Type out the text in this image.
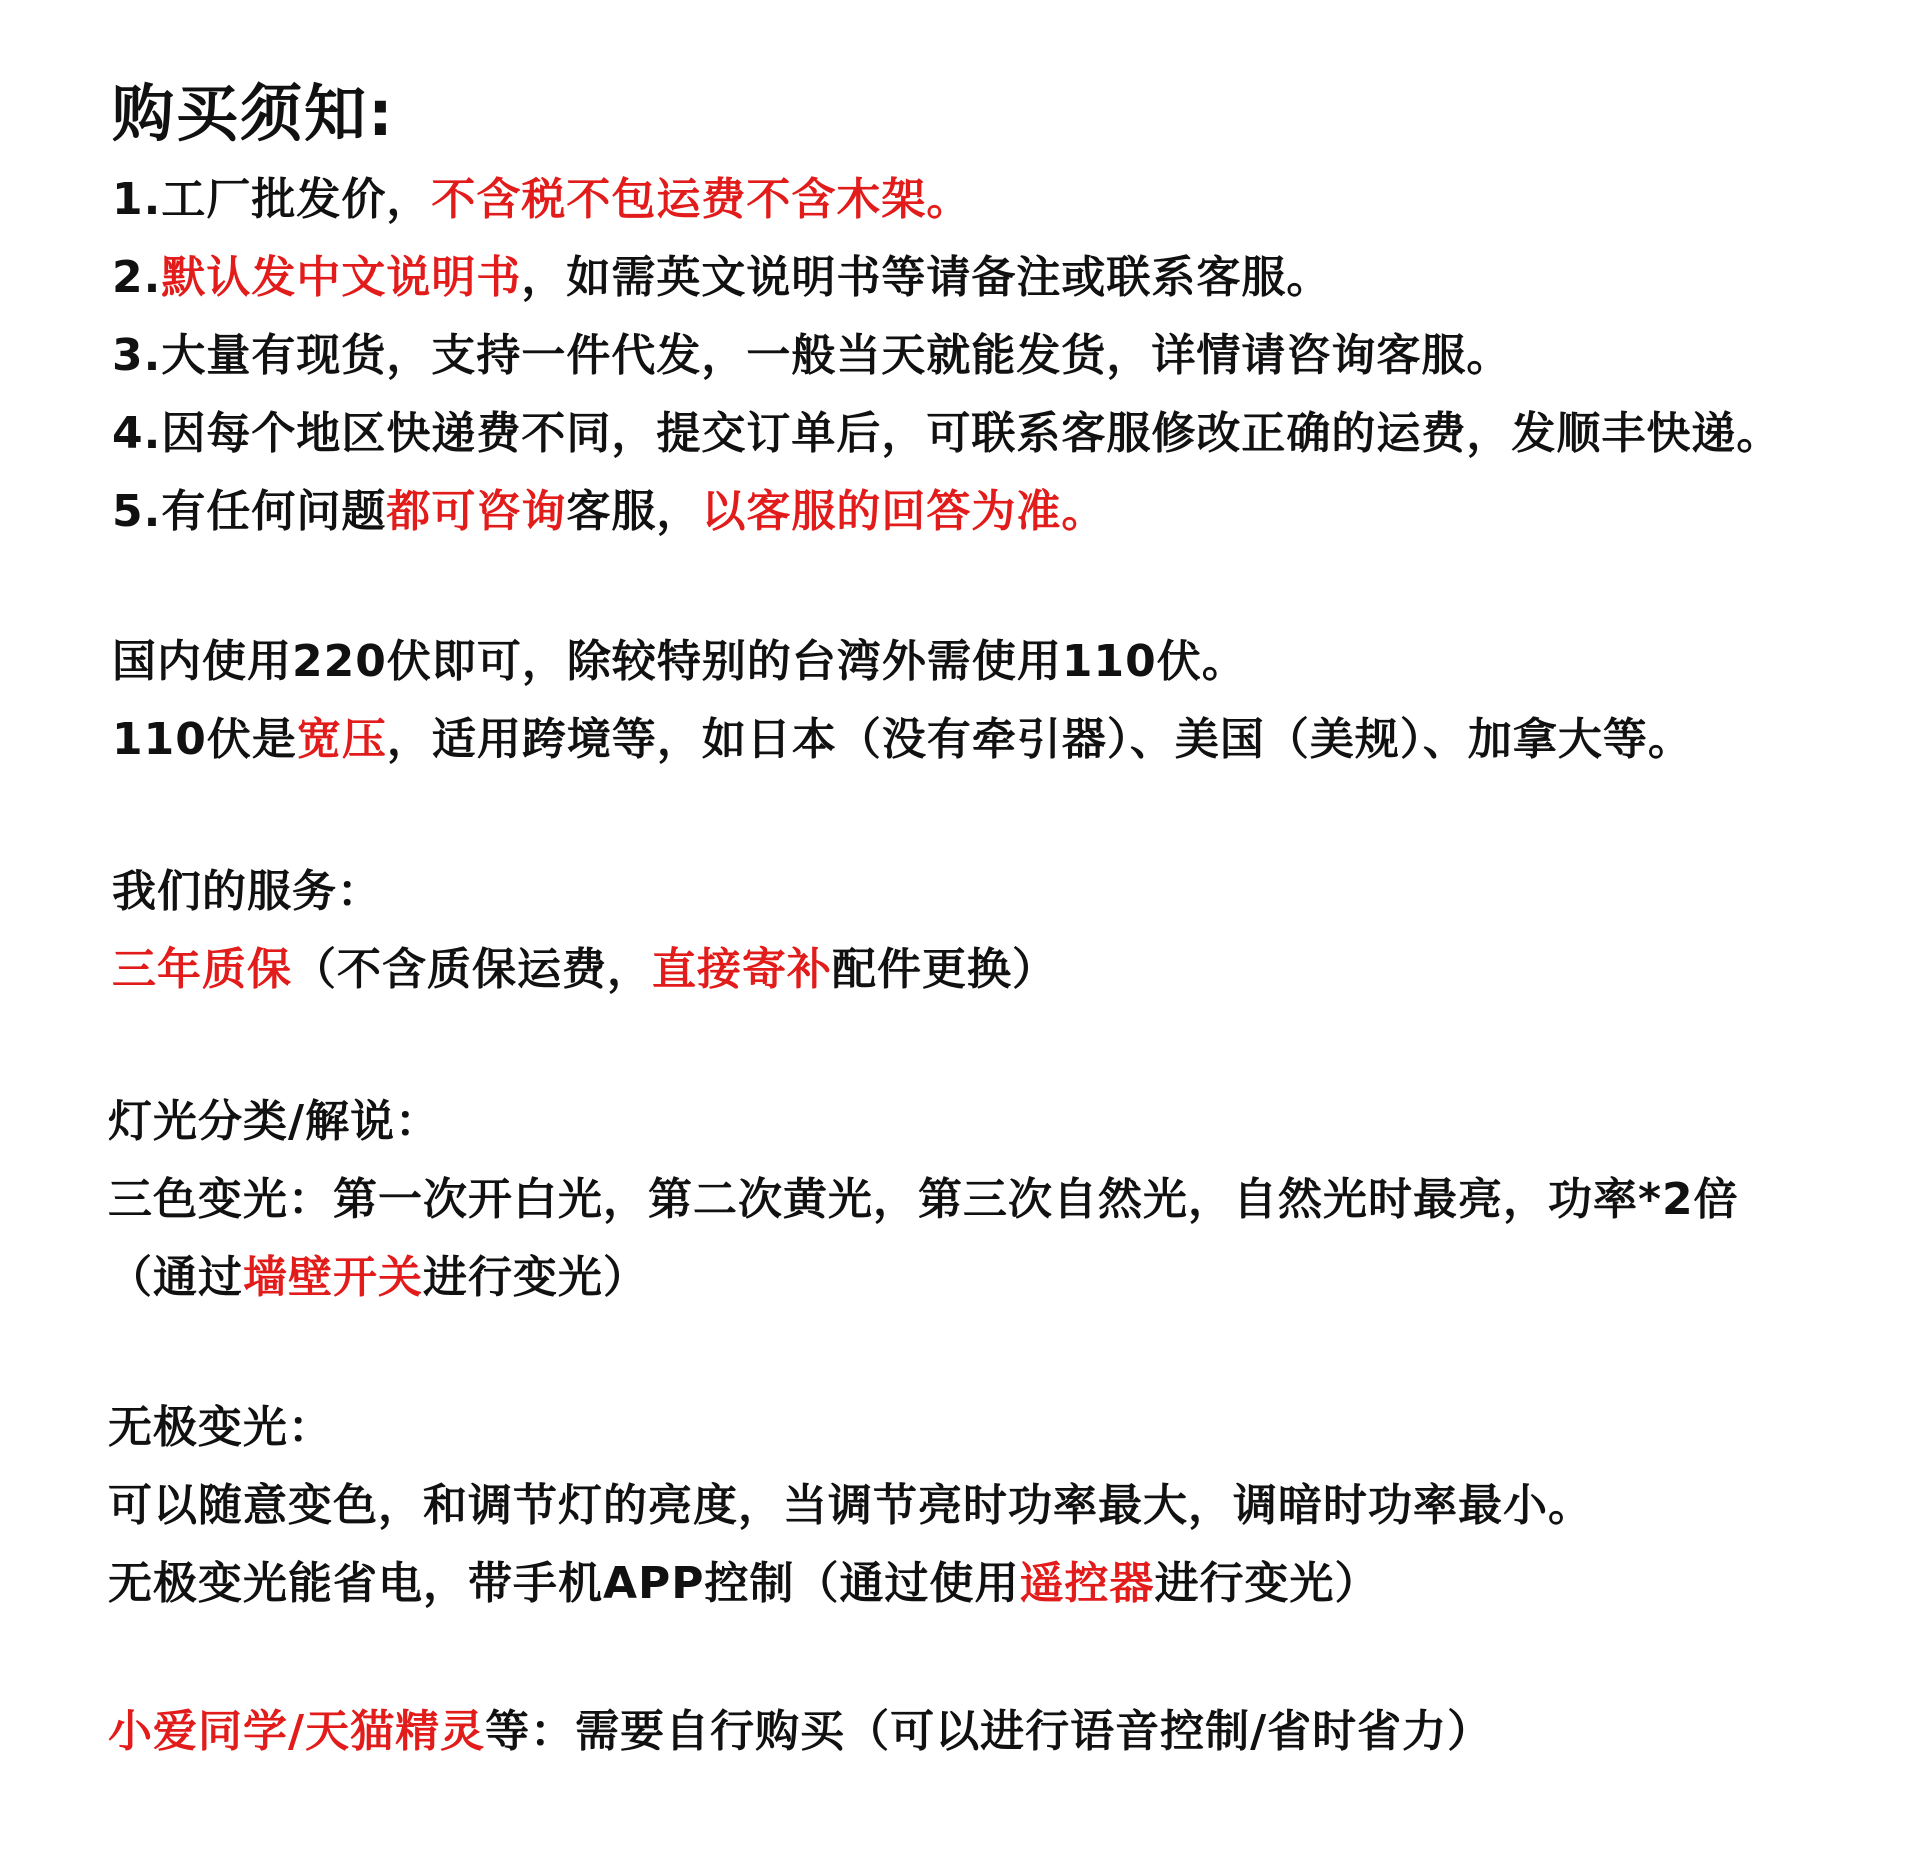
购买须知:
1.工厂批发价，不含税不包运费不含木架。
2.默认发中文说明书，如需英文说明书等请备注或联系客服。
3.大量有现货，支持一件代发，一般当天就能发货，详情请咨询客服。
4.因每个地区快递费不同，提交订单后，可联系客服修改正确的运费，发顺丰快递。
5.有任何问题都可咨询客服，以客服的回答为准。
国内使用220伏即可，除较特别的台湾外需使用110伏。
110伏是宽压，适用跨境等，如日本（没有牵引器）、美国（美规）、加拿大等。
我们的服务：
三年质保（不含质保运费，直接寄补配件更换）
灯光分类/解说：
三色变光：第一次开白光，第二次黄光，第三次自然光，自然光时最亮，功率*2倍
（通过墙壁开关进行变光）
无极变光：
可以随意变色，和调节灯的亮度，当调节亮时功率最大，调暗时功率最小。
无极变光能省电，带手机APP控制（通过使用遥控器进行变光）
小爱同学/天猫精灵等：需要自行购买（可以进行语音控制/省时省力）
